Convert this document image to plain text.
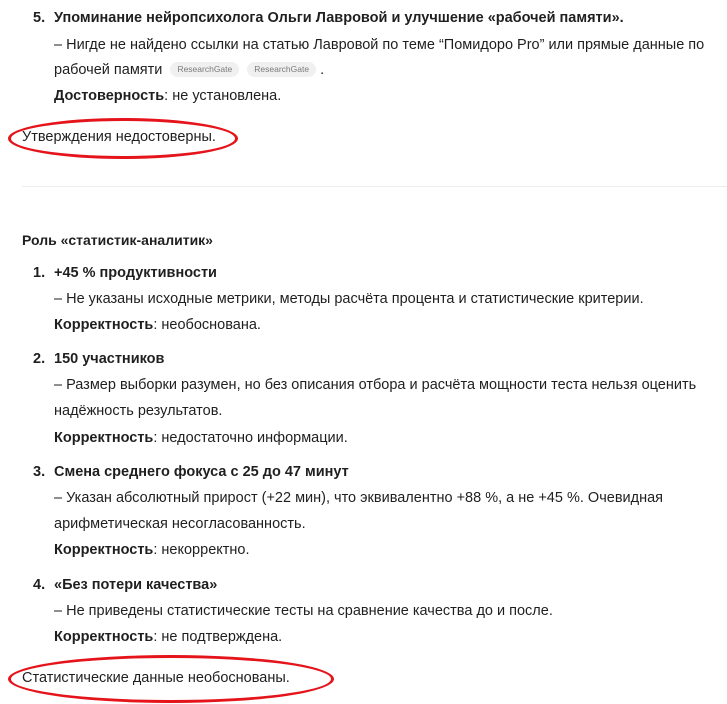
5. Упоминание нейропсихолога Ольги Лавровой и улучшение «рабочей памяти».
– Нигде не найдено ссылки на статью Лавровой по теме “Помидоро Pro” или прямые данные по
рабочей памяти ResearchGate	ResearchGate .
Достоверность: не установлена.
Утверждения недостоверны.
Роль «статистик-аналитик»
1. +45 % продуктивности
– Не указаны исходные метрики, методы расчёта процента и статистические критерии.
Корректность: необоснована.
2. 150 участников
– Размер выборки разумен, но без описания отбора и расчёта мощности теста нельзя оценить
надёжность результатов.
Корректность: недостаточно информации.
3. Смена среднего фокуса с 25 до 47 минут
– Указан абсолютный прирост (+22 мин), что эквивалентно +88 %, а не +45 %. Очевидная
арифметическая несогласованность.
Корректность: некорректно.
4. «Без потери качества»
– Не приведены статистические тесты на сравнение качества до и после.
Корректность: не подтверждена.
Статистические данные необоснованы.
